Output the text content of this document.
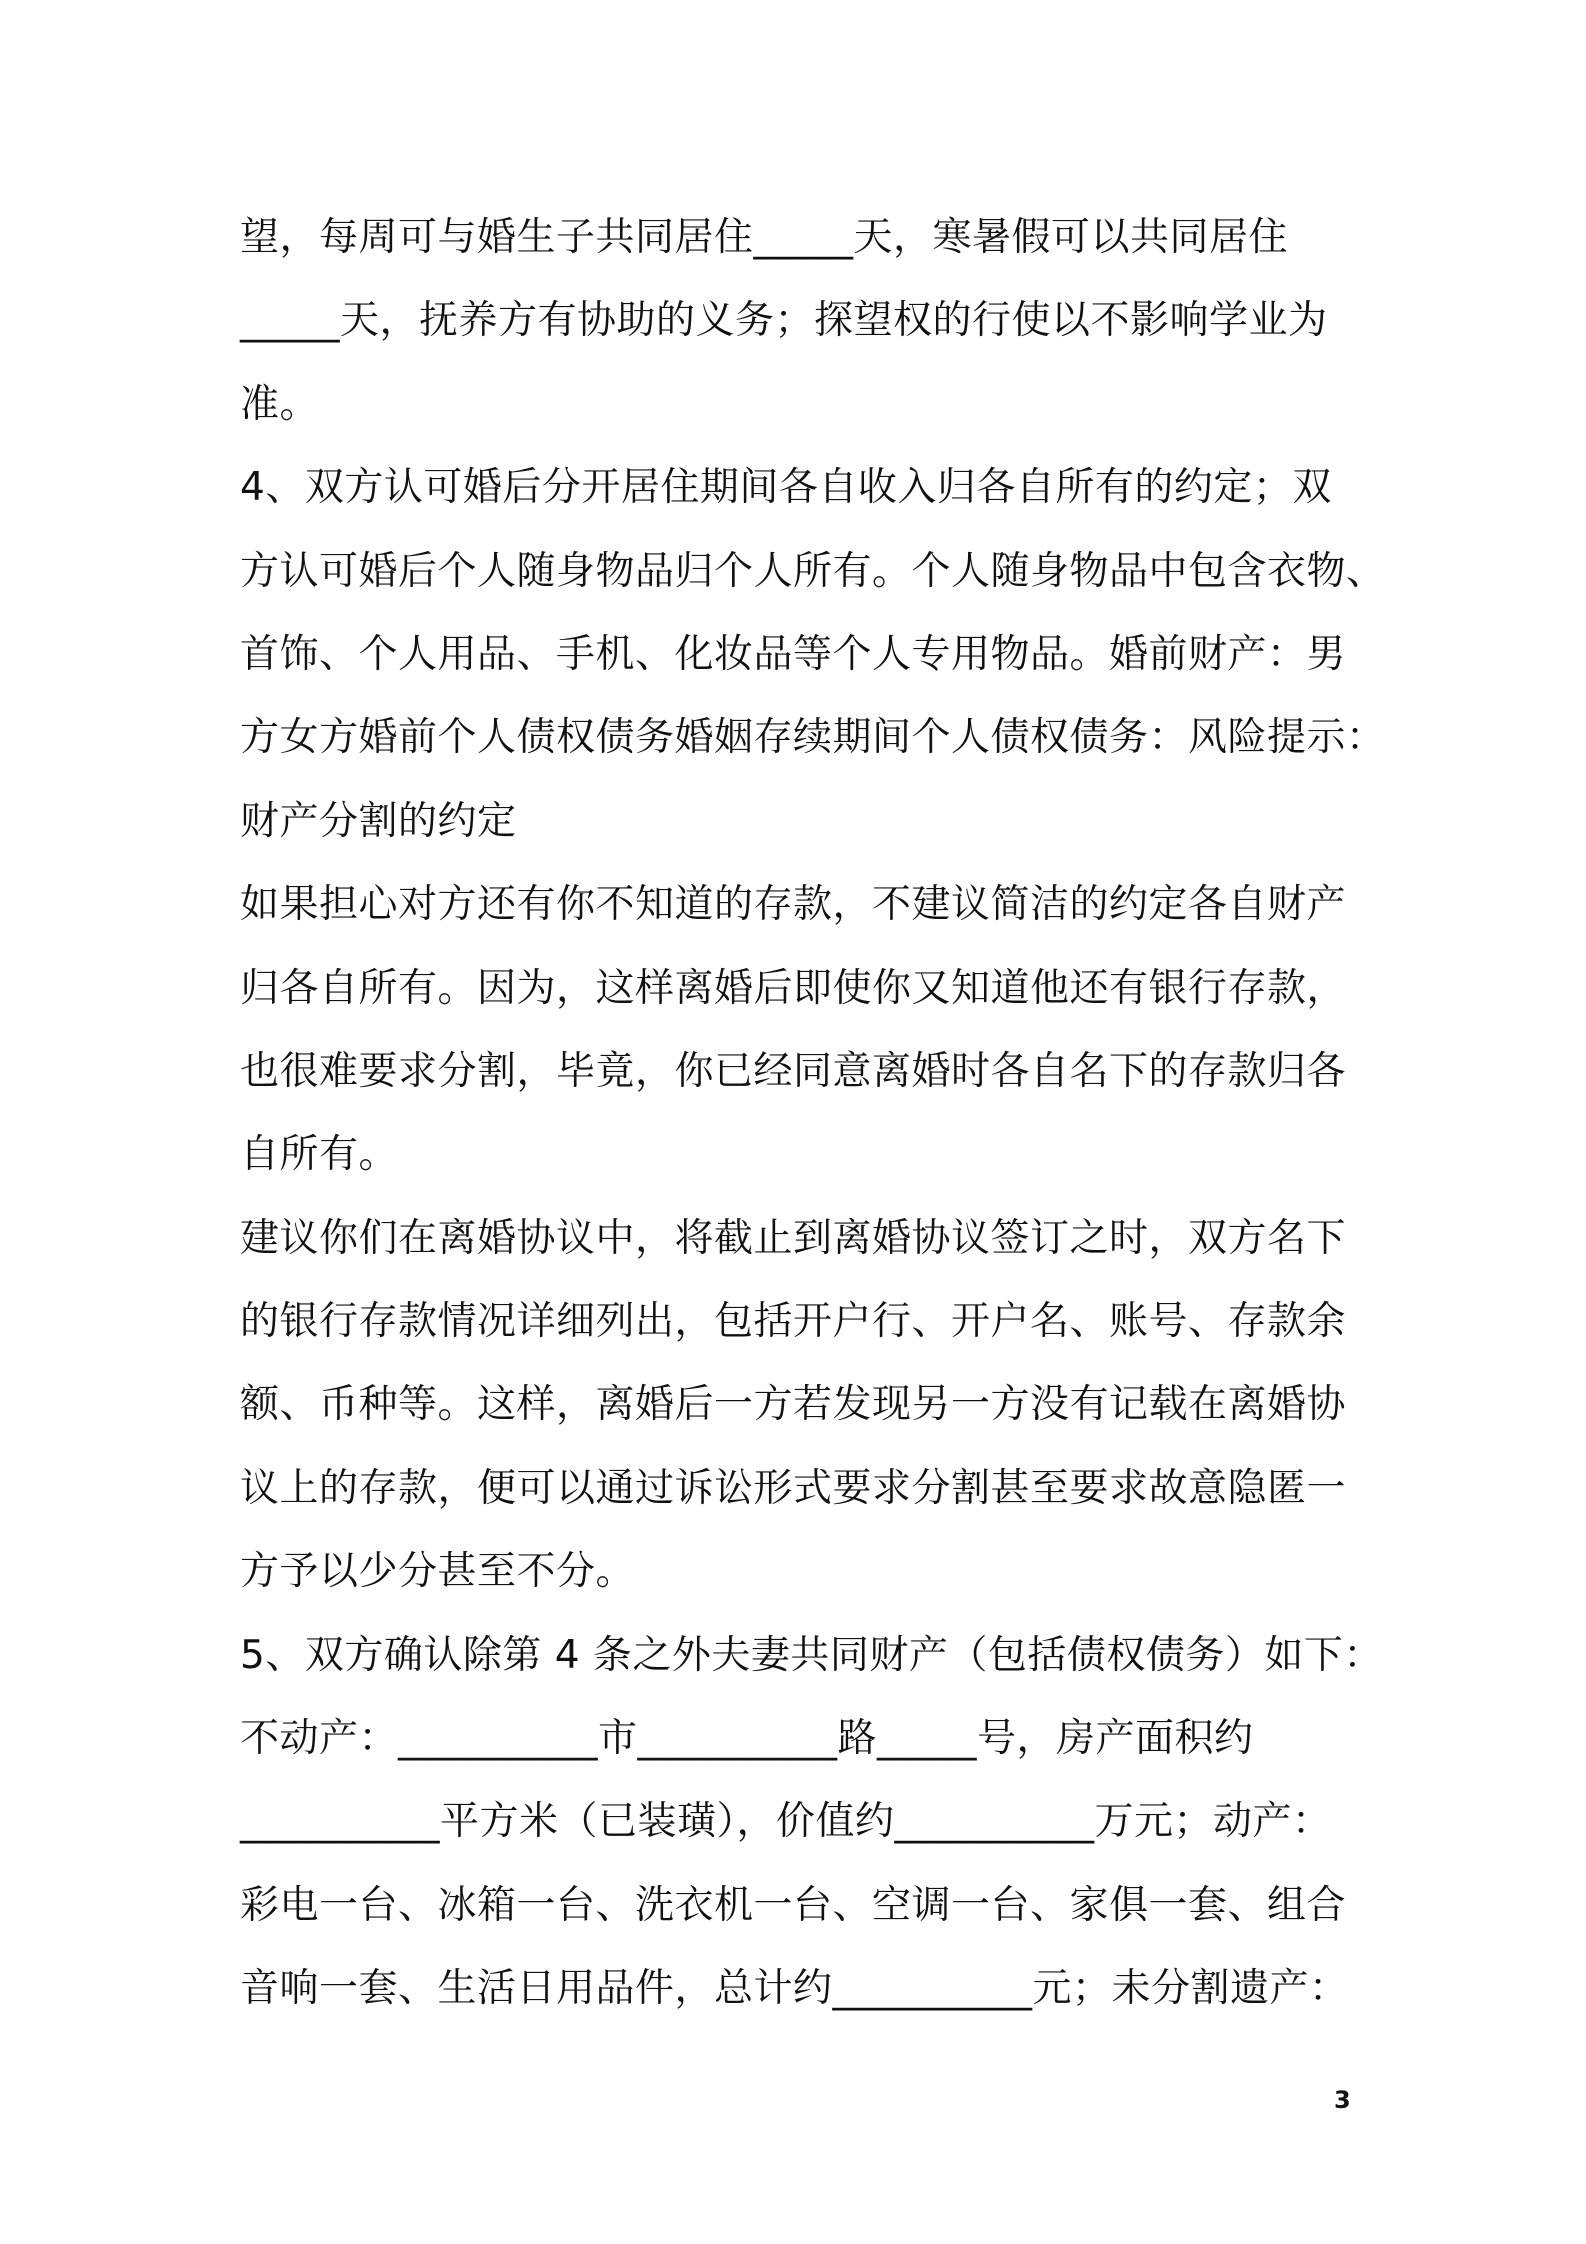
望，每周可与婚生子共同居住_____天，寒暑假可以共同居住
_____天，抚养方有协助的义务；探望权的行使以不影响学业为
准。
4、双方认可婚后分开居住期间各自收入归各自所有的约定；双
方认可婚后个人随身物品归个人所有。个人随身物品中包含衣物、
首饰、个人用品、手机、化妆品等个人专用物品。婚前财产：男
方女方婚前个人债权债务婚姻存续期间个人债权债务：风险提示：
财产分割的约定
如果担心对方还有你不知道的存款，不建议简洁的约定各自财产
归各自所有。因为，这样离婚后即使你又知道他还有银行存款，
也很难要求分割，毕竟，你已经同意离婚时各自名下的存款归各
自所有。
建议你们在离婚协议中，将截止到离婚协议签订之时，双方名下
的银行存款情况详细列出，包括开户行、开户名、账号、存款余
额、币种等。这样，离婚后一方若发现另一方没有记载在离婚协
议上的存款，便可以通过诉讼形式要求分割甚至要求故意隐匿一
方予以少分甚至不分。
5、双方确认除第 4 条之外夫妻共同财产（包括债权债务）如下：
不动产：__________市__________路_____号，房产面积约
__________平方米（已装璜），价值约__________万元；动产：
彩电一台、冰箱一台、洗衣机一台、空调一台、家俱一套、组合
音响一套、生活日用品件，总计约__________元；未分割遗产：
3
